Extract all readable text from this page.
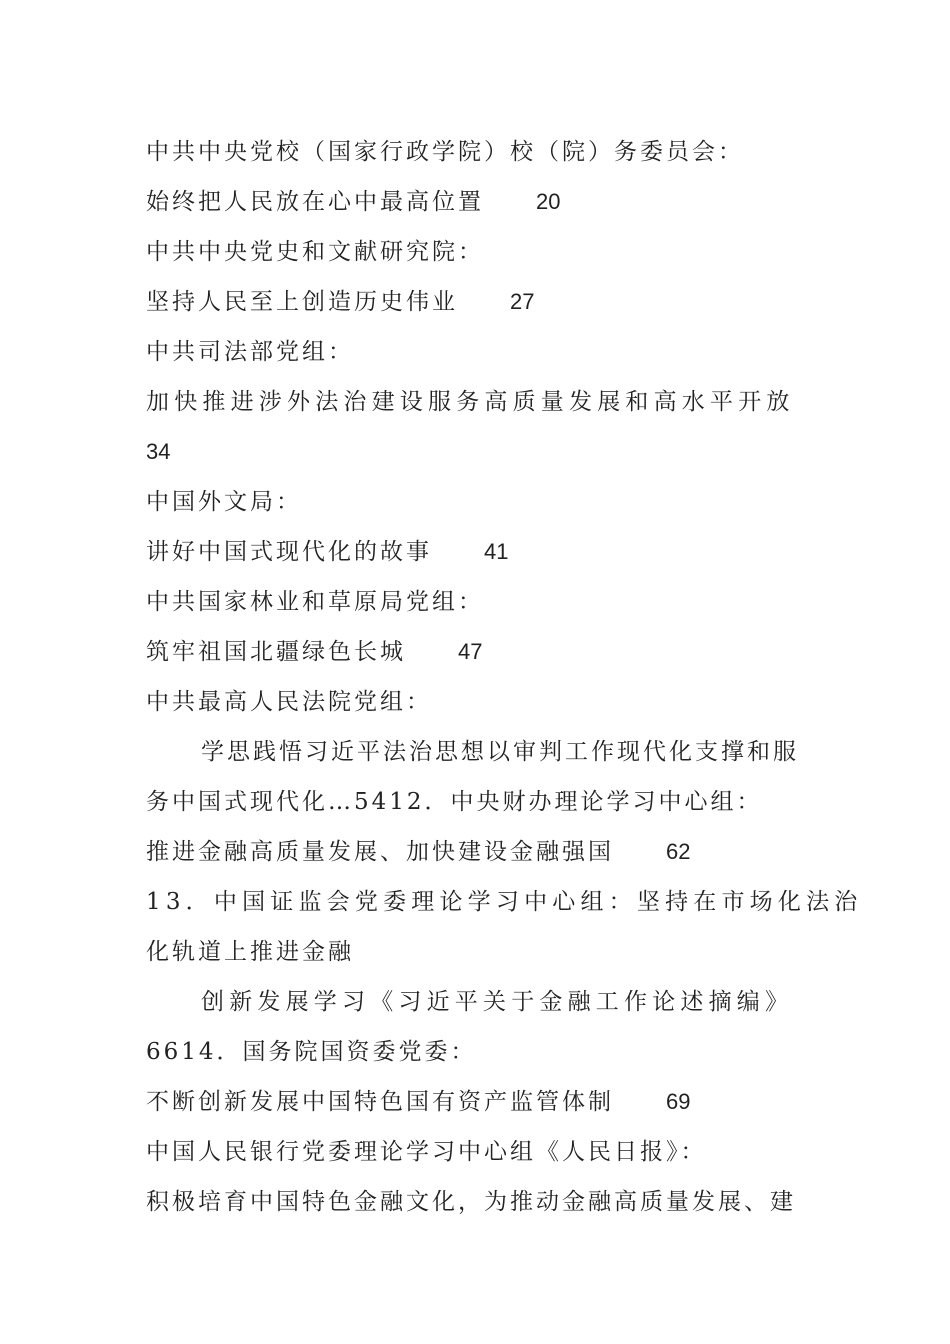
中共中央党校（国家行政学院）校（院）务委员会：
始终把人民放在心中最高位置 20
中共中央党史和文献研究院：
坚持人民至上创造历史伟业 27
中共司法部党组：
加快推进涉外法治建设服务高质量发展和高水平开放
34
中国外文局：
讲好中国式现代化的故事 41
中共国家林业和草原局党组：
筑牢祖国北疆绿色长城 47
中共最高人民法院党组：
学思践悟习近平法治思想以审判工作现代化支撑和服
务中国式现代化…5412．中央财办理论学习中心组：
推进金融高质量发展、加快建设金融强国 62
13．中国证监会党委理论学习中心组：坚持在市场化法治
化轨道上推进金融
创新发展学习《习近平关于金融工作论述摘编》
6614．国务院国资委党委：
不断创新发展中国特色国有资产监管体制 69
中国人民银行党委理论学习中心组《人民日报》：
积极培育中国特色金融文化，为推动金融高质量发展、建
